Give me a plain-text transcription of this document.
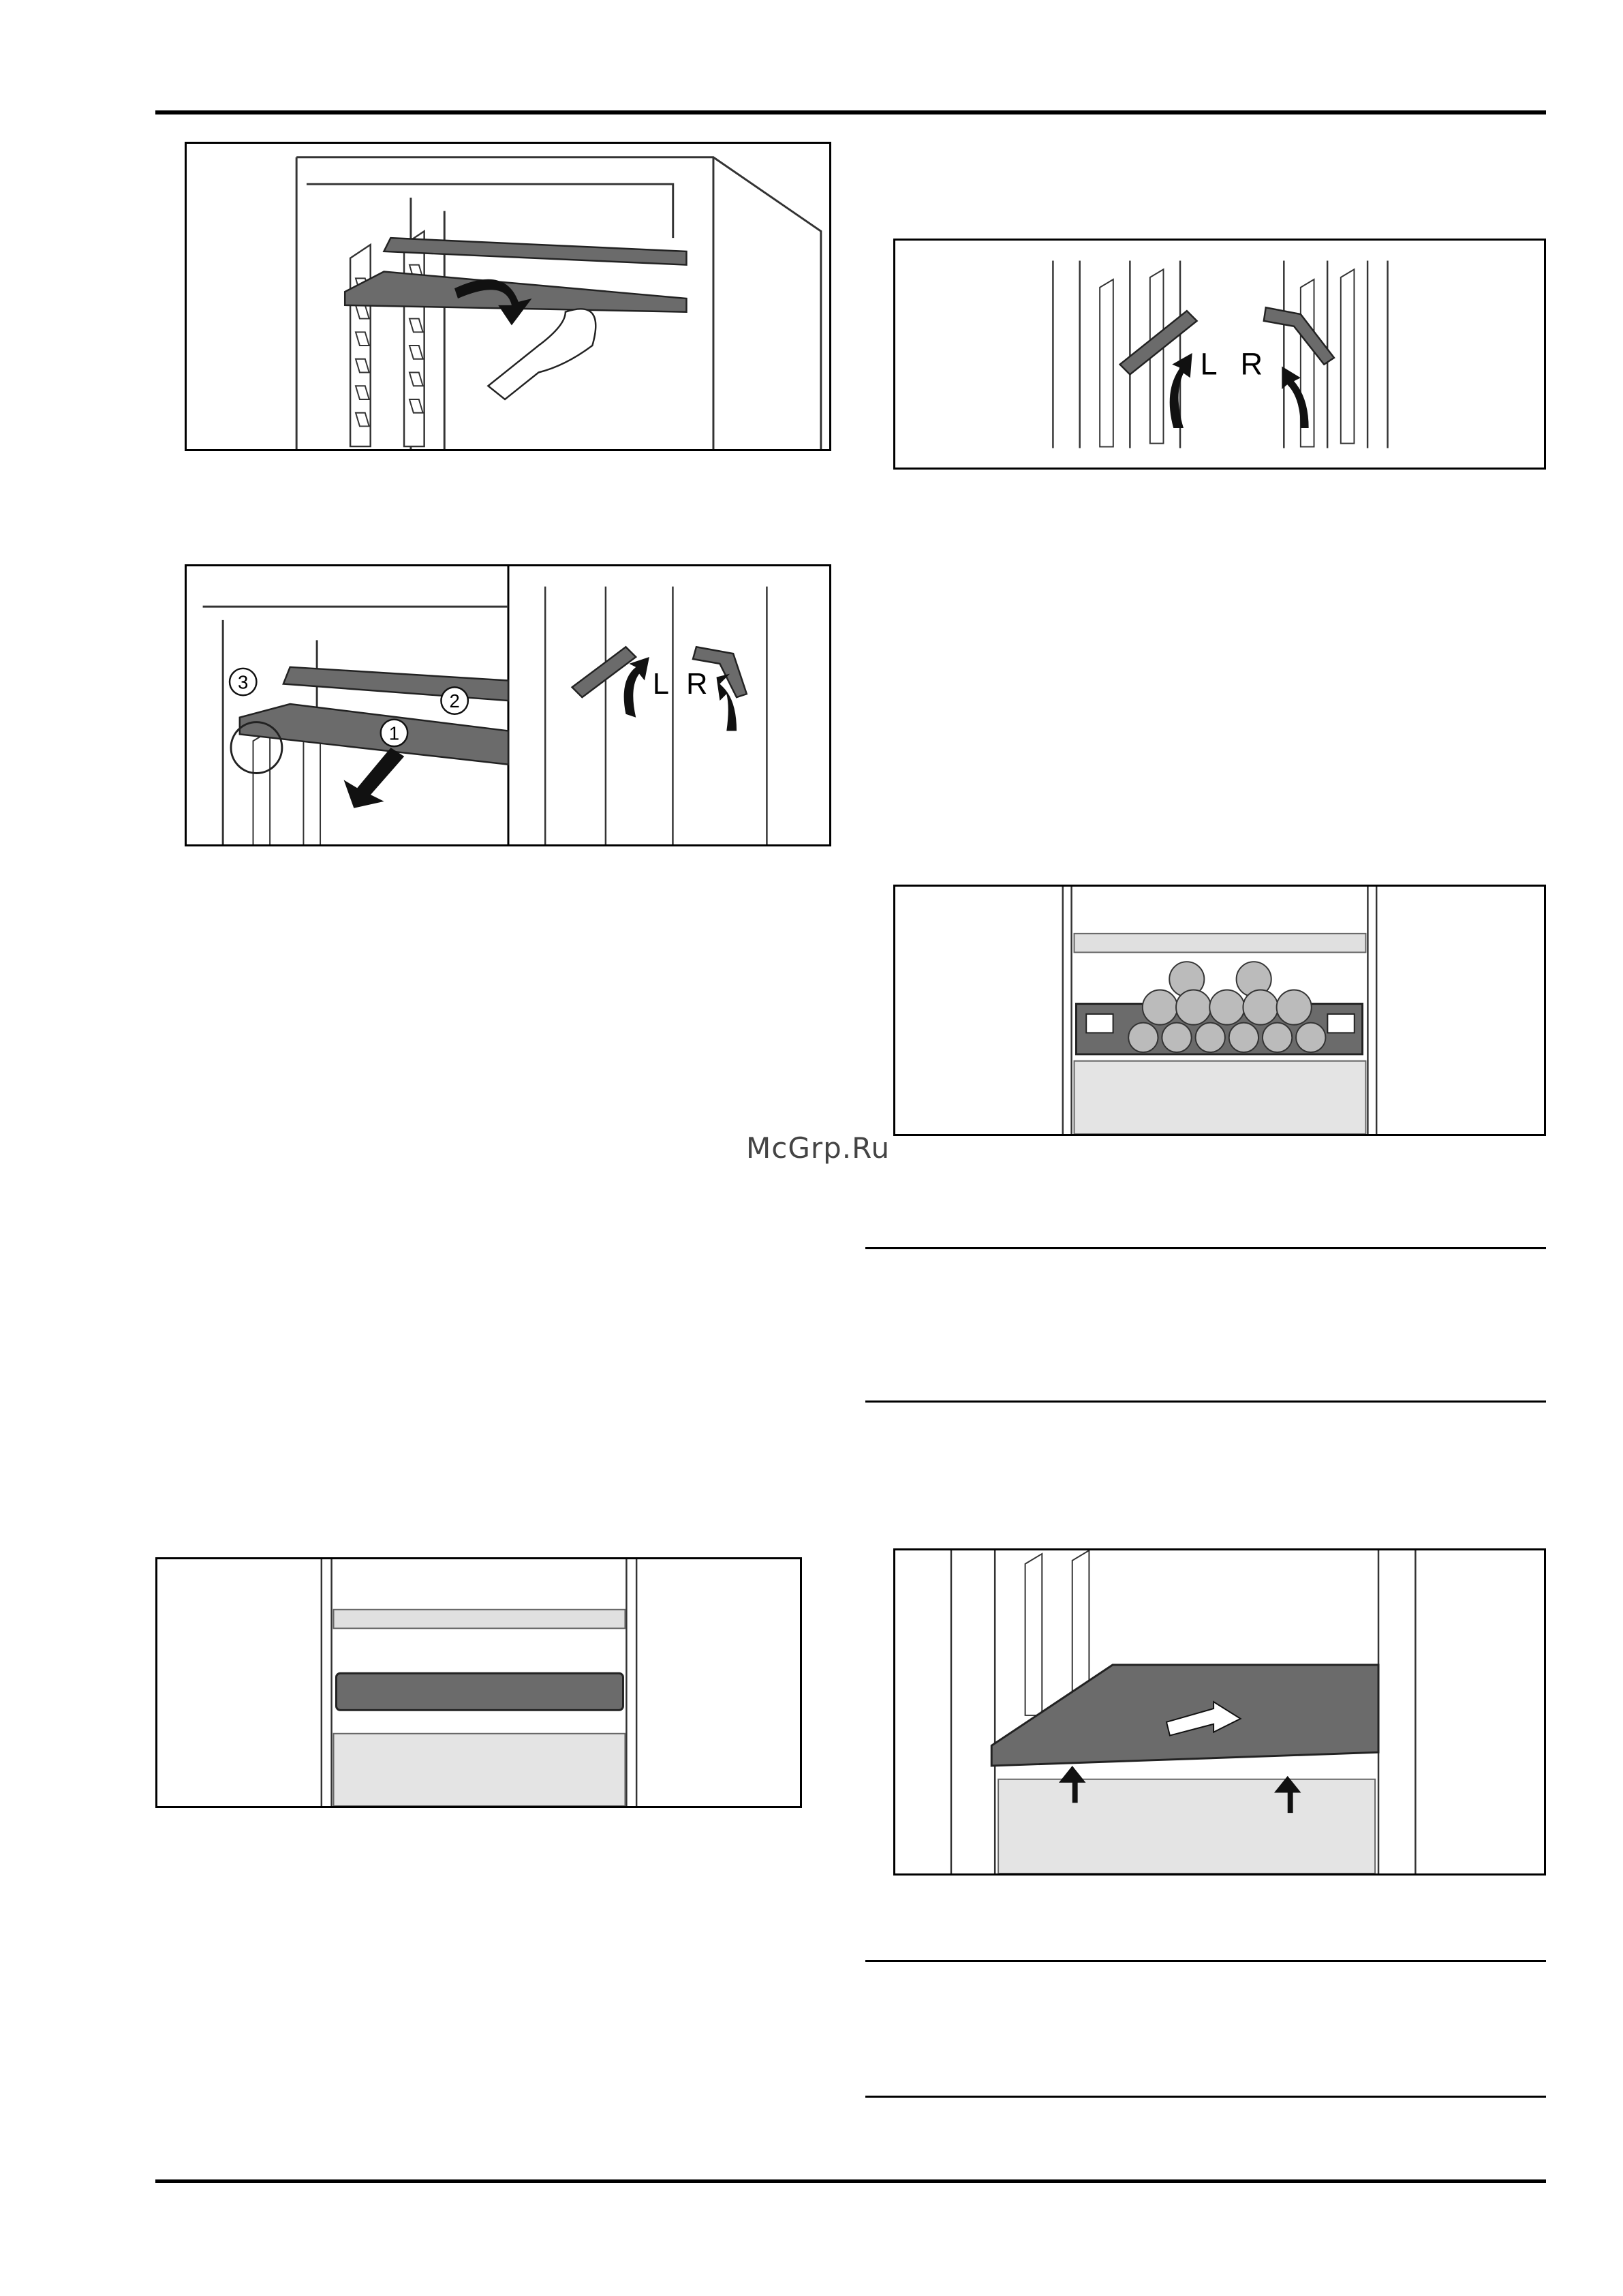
McGrp.Ru
3
2
1
L R
L R
